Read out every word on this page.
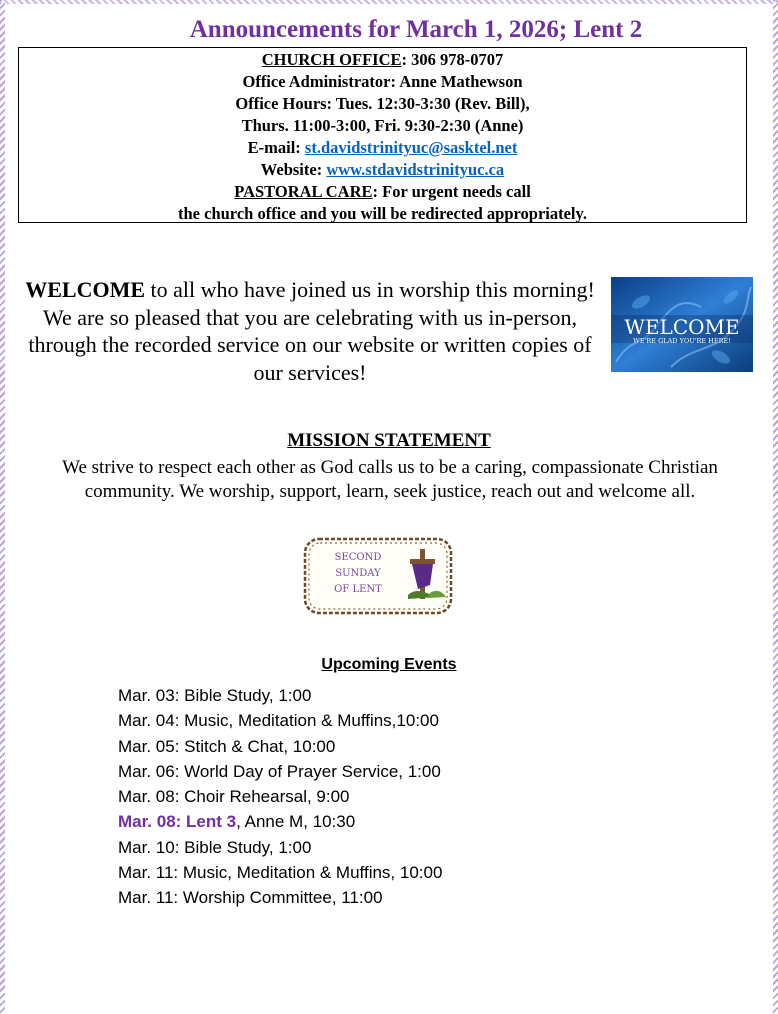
Announcements for March 1, 2026; Lent 2
CHURCH OFFICE: 306 978-0707
Office Administrator: Anne Mathewson
Office Hours: Tues. 12:30-3:30 (Rev. Bill),
Thurs. 11:00-3:00, Fri. 9:30-2:30 (Anne)
E-mail: st.davidstrinityuc@sasktel.net
Website: www.stdavidstrinityuc.ca
PASTORAL CARE: For urgent needs call
the church office and you will be redirected appropriately.
WELCOME to all who have joined us in worship this morning! We are so pleased that you are celebrating with us in-person, through the recorded service on our website or written copies of our services!
WELCOME
WE'RE GLAD YOU'RE HERE!
MISSION STATEMENT
We strive to respect each other as God calls us to be a caring, compassionate Christian community. We worship, support, learn, seek justice, reach out and welcome all.
SECOND
SUNDAY
OF LENT
Upcoming Events
Mar. 03: Bible Study, 1:00
Mar. 04: Music, Meditation & Muffins,10:00
Mar. 05: Stitch & Chat, 10:00
Mar. 06: World Day of Prayer Service, 1:00
Mar. 08: Choir Rehearsal, 9:00
Mar. 08: Lent 3, Anne M, 10:30
Mar. 10: Bible Study, 1:00
Mar. 11: Music, Meditation & Muffins, 10:00
Mar. 11: Worship Committee, 11:00
